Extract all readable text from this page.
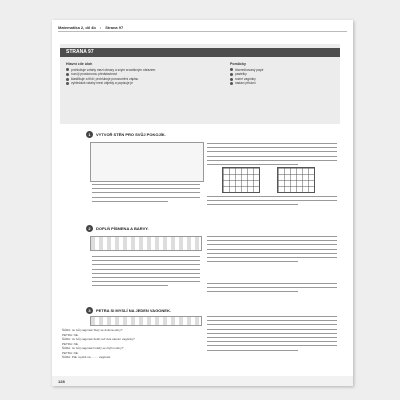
Matematika 2, díl 4b • Strana 97
STRANA 97
Hlavní cíle úloh
prohlubuje vztahy mezi obrazy a svým zrcadlovým obrazem
rozvíjí prostorovou představivost
klasifikuje a třídí; prohlubuje porozumění zápisu
vyhledává vztahy mezi objekty a popisuje je
Pomůcky
čtverečkovaný papír
pastelky
ruzné vagónky
nadací přísloví
1	VYTVOŘ STĚN PRO SVŮJ POKOJÍK.
2	DOPLŇ PÍSMENA A BARVY.
3	PETRA SI MYSLÍ NA JEDEN VAGONEK.
ŠÁRA: Je tvůj vagónek žlutý se dvěma okny?
PETRA: NE.
ŠÁRA: Je tvůj vagónek delší než dva okenní vagónky?
PETRA: NE.
ŠÁRA: Je tvůj vagónek hnědý se čtyřmi okny?
PETRA: NE.
ŠÁRA: Pak myslíš na ........ vagónek.
128
